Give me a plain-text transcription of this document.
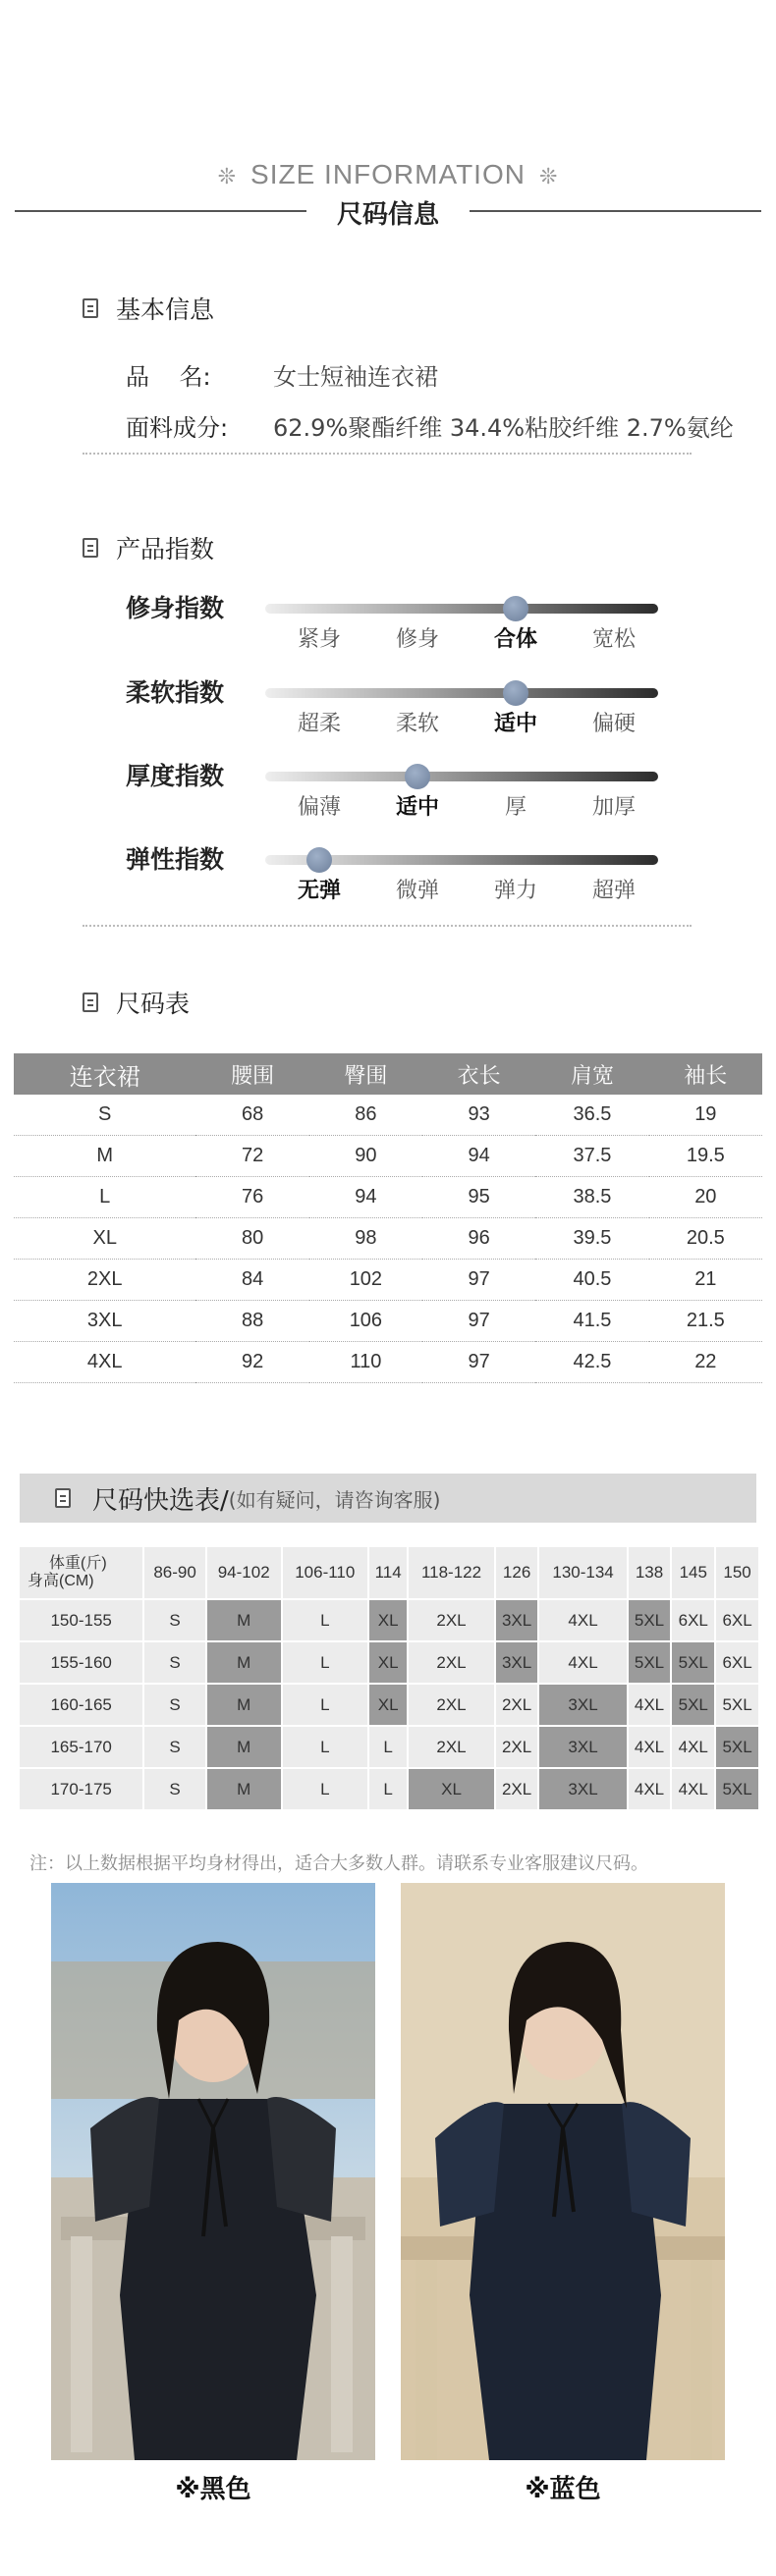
❊ SIZE INFORMATION ❊
尺码信息
基本信息
品    名:	女士短袖连衣裙
面料成分:	62.9%聚酯纤维 34.4%粘胶纤维 2.7%氨纶
产品指数
修身指数
紧身	修身	合体	宽松
柔软指数
超柔	柔软	适中	偏硬
厚度指数
偏薄	适中	厚	加厚
弹性指数
无弹	微弹	弹力	超弹
尺码表
连衣裙	腰围	臀围	衣长	肩宽	袖长
S	68	86	93	36.5	19
M	72	90	94	37.5	19.5
L	76	94	95	38.5	20
XL	80	98	96	39.5	20.5
2XL	84	102	97	40.5	21
3XL	88	106	97	41.5	21.5
4XL	92	110	97	42.5	22
尺码快选表/ (如有疑问，请咨询客服)
体重(斤)
身高(CM)	86-90	94-102	106-110	114	118-122	126	130-134	138	145	150
150-155	S	M	L	XL	2XL	3XL	4XL	5XL	6XL	6XL
155-160	S	M	L	XL	2XL	3XL	4XL	5XL	5XL	6XL
160-165	S	M	L	XL	2XL	2XL	3XL	4XL	5XL	5XL
165-170	S	M	L	L	2XL	2XL	3XL	4XL	4XL	5XL
170-175	S	M	L	L	XL	2XL	3XL	4XL	4XL	5XL
注：以上数据根据平均身材得出，适合大多数人群。请联系专业客服建议尺码。
※黑色	※蓝色
